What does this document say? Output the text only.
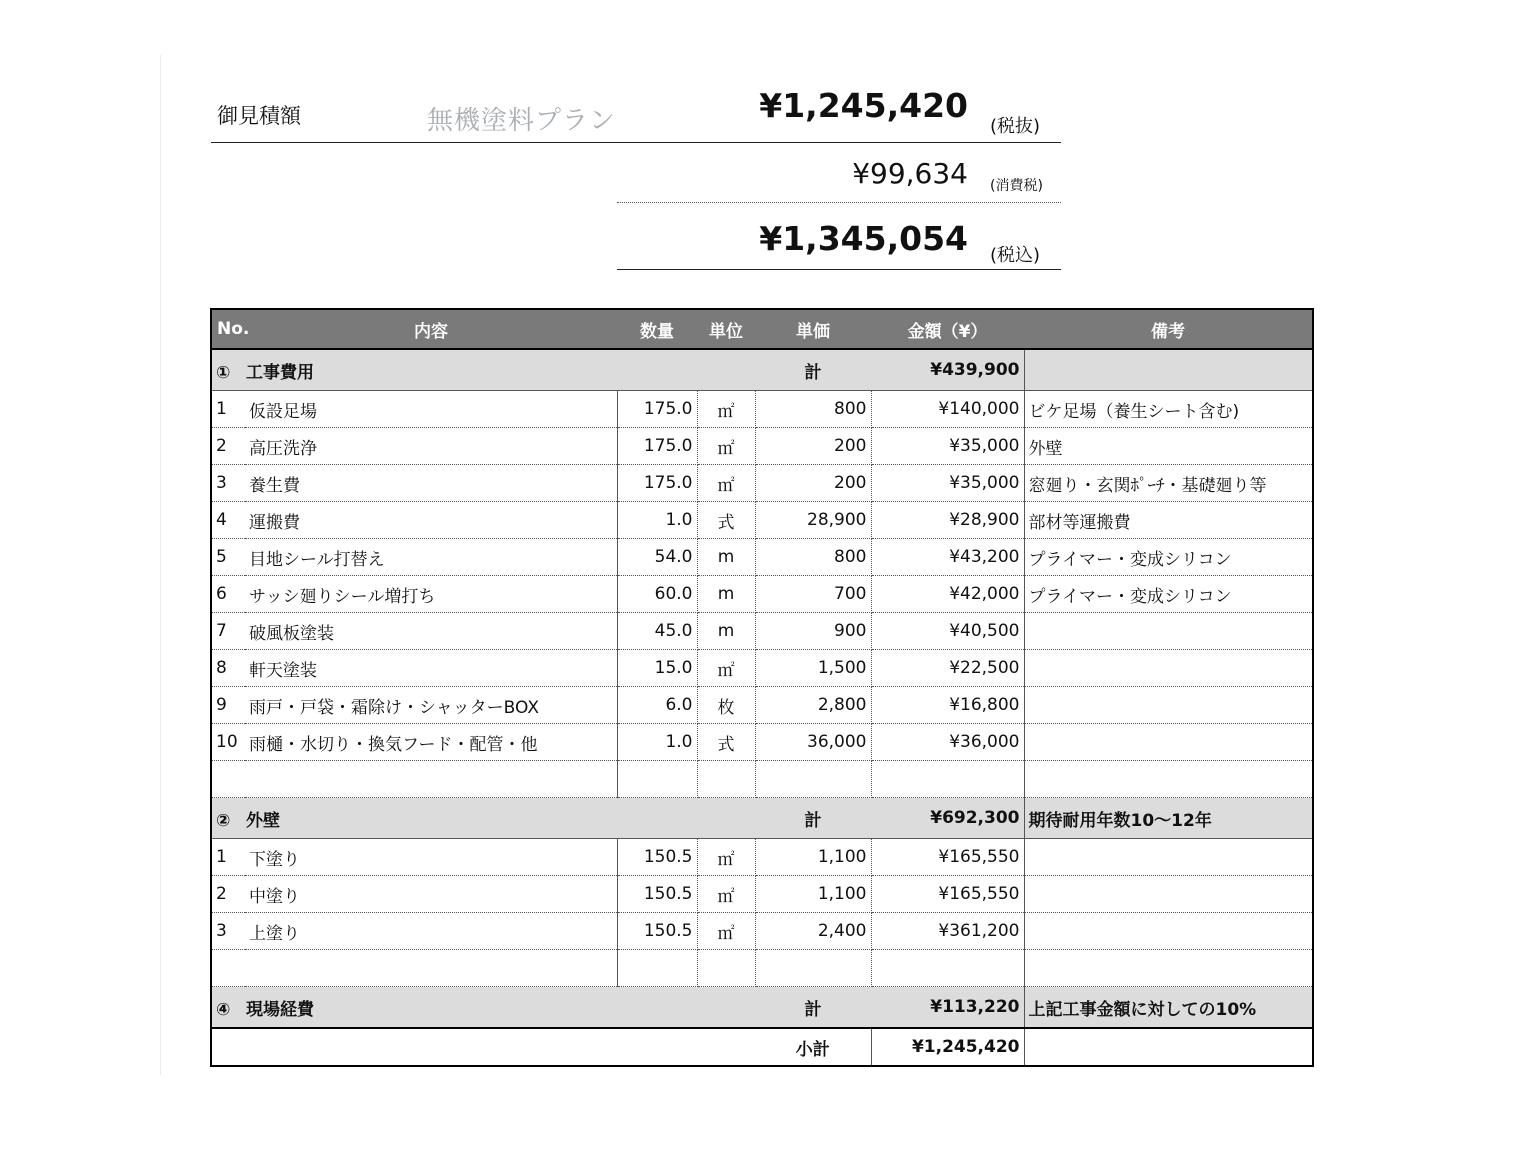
御見積額	無機塗料プラン	¥1,245,420
(税抜)
¥99,634 (消費税)
¥1,345,054 (税込)
No.	内容	数量	単位	単価	金額（¥）	備考
① 工事費用				計	¥439,900	
1	仮設足場	175.0	㎡	800	¥140,000	ビケ足場（養生シート含む)
2	高圧洗浄	175.0	㎡	200	¥35,000	外壁
3	養生費	175.0	㎡	200	¥35,000	窓廻り・玄関ﾎﾟｰﾁ・基礎廻り等
4	運搬費	1.0	式	28,900	¥28,900	部材等運搬費
5	目地シール打替え	54.0	m	800	¥43,200	プライマー・変成シリコン
6	サッシ廻りシール増打ち	60.0	m	700	¥42,000	プライマー・変成シリコン
7	破風板塗装	45.0	m	900	¥40,500	
8	軒天塗装	15.0	㎡	1,500	¥22,500	
9	雨戸・戸袋・霜除け・シャッターBOX	6.0	枚	2,800	¥16,800	
10	雨樋・水切り・換気フード・配管・他	1.0	式	36,000	¥36,000	

② 外壁				計	¥692,300	期待耐用年数10～12年
1	下塗り	150.5	㎡	1,100	¥165,550	
2	中塗り	150.5	㎡	1,100	¥165,550	
3	上塗り	150.5	㎡	2,400	¥361,200	

④ 現場経費				計	¥113,220	上記工事金額に対しての10%
				小計	¥1,245,420	
